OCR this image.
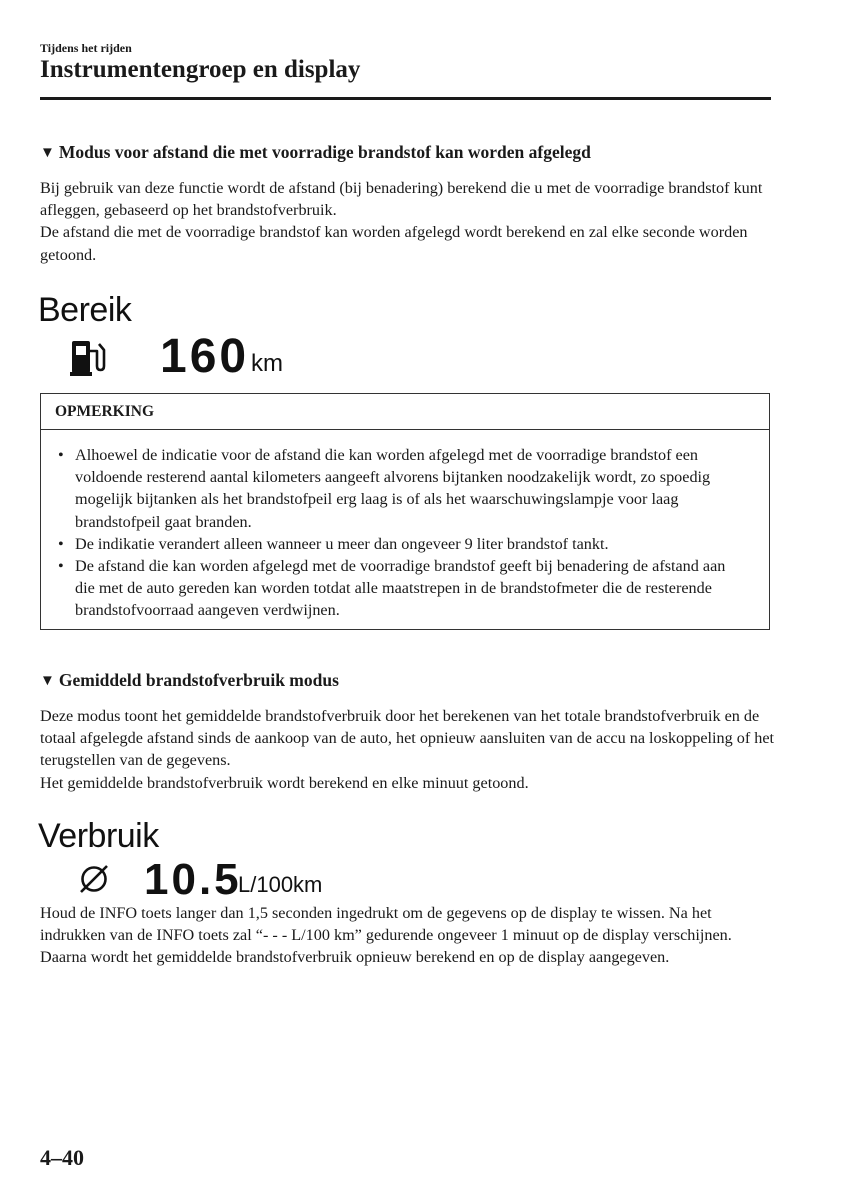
Tijdens het rijden
Instrumentengroep en display
▼ Modus voor afstand die met voorradige brandstof kan worden afgelegd

Bij gebruik van deze functie wordt de afstand (bij benadering) berekend die u met de voorradige brandstof kunt afleggen, gebaseerd op het brandstofverbruik.
De afstand die met de voorradige brandstof kan worden afgelegd wordt berekend en zal elke seconde worden getoond.

Bereik
160 km
OPMERKING
• Alhoewel de indicatie voor de afstand die kan worden afgelegd met de voorradige brandstof een voldoende resterend aantal kilometers aangeeft alvorens bijtanken noodzakelijk wordt, zo spoedig mogelijk bijtanken als het brandstofpeil erg laag is of als het waarschuwingslampje voor laag brandstofpeil gaat branden.
• De indikatie verandert alleen wanneer u meer dan ongeveer 9 liter brandstof tankt.
• De afstand die kan worden afgelegd met de voorradige brandstof geeft bij benadering de afstand aan die met de auto gereden kan worden totdat alle maatstrepen in de brandstofmeter die de resterende brandstofvoorraad aangeven verdwijnen.
▼ Gemiddeld brandstofverbruik modus

Deze modus toont het gemiddelde brandstofverbruik door het berekenen van het totale brandstofverbruik en de totaal afgelegde afstand sinds de aankoop van de auto, het opnieuw aansluiten van de accu na loskoppeling of het terugstellen van de gegevens.
Het gemiddelde brandstofverbruik wordt berekend en elke minuut getoond.

Verbruik
10.5
L/100km

Houd de INFO toets langer dan 1,5 seconden ingedrukt om de gegevens op de display te wissen. Na het indrukken van de INFO toets zal “- - - L/100 km” gedurende ongeveer 1 minuut op de display verschijnen. Daarna wordt het gemiddelde brandstofverbruik opnieuw berekend en op de display aangegeven.

4–40
